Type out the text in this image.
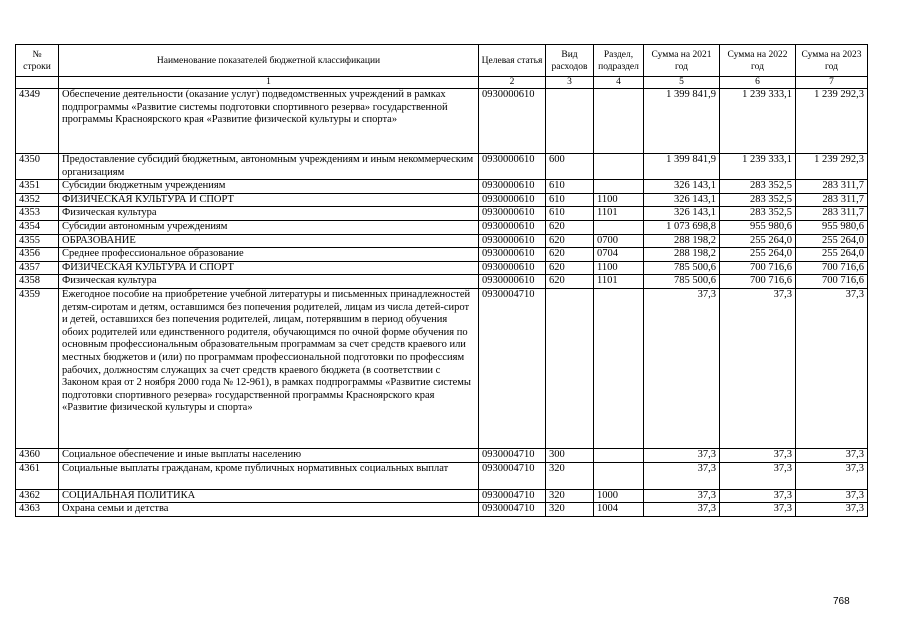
№ строки	Наименование показателей бюджетной классификации	Целевая статья	Вид расходов	Раздел, подраздел	Сумма на 2021 год	Сумма на 2022 год	Сумма на 2023 год
	1	2	3	4	5	6	7
4349	Обеспечение деятельности (оказание услуг) подведомственных учреждений в рамках подпрограммы «Развитие системы подготовки спортивного резерва» государственной программы Красноярского края «Развитие физической культуры и спорта»	0930000610			1 399 841,9	1 239 333,1	1 239 292,3
4350	Предоставление субсидий бюджетным, автономным учреждениям и иным некоммерческим организациям	0930000610	600		1 399 841,9	1 239 333,1	1 239 292,3
4351	Субсидии бюджетным учреждениям	0930000610	610		326 143,1	283 352,5	283 311,7
4352	ФИЗИЧЕСКАЯ КУЛЬТУРА И СПОРТ	0930000610	610	1100	326 143,1	283 352,5	283 311,7
4353	Физическая культура	0930000610	610	1101	326 143,1	283 352,5	283 311,7
4354	Субсидии автономным учреждениям	0930000610	620		1 073 698,8	955 980,6	955 980,6
4355	ОБРАЗОВАНИЕ	0930000610	620	0700	288 198,2	255 264,0	255 264,0
4356	Среднее профессиональное образование	0930000610	620	0704	288 198,2	255 264,0	255 264,0
4357	ФИЗИЧЕСКАЯ КУЛЬТУРА И СПОРТ	0930000610	620	1100	785 500,6	700 716,6	700 716,6
4358	Физическая культура	0930000610	620	1101	785 500,6	700 716,6	700 716,6
4359	Ежегодное пособие на приобретение учебной литературы и письменных принадлежностей детям-сиротам и детям, оставшимся без попечения родителей, лицам из числа детей-сирот и детей, оставшихся без попечения родителей, лицам, потерявшим в период обучения обоих родителей или единственного родителя, обучающимся по очной форме обучения по основным профессиональным образовательным программам за счет средств краевого или местных бюджетов и (или) по программам профессиональной подготовки по профессиям рабочих, должностям служащих за счет средств краевого бюджета (в соответствии с Законом края от 2 ноября 2000 года № 12-961), в рамках подпрограммы «Развитие системы подготовки спортивного резерва» государственной программы Красноярского края «Развитие физической культуры и спорта»	0930004710			37,3	37,3	37,3
4360	Социальное обеспечение и иные выплаты населению	0930004710	300		37,3	37,3	37,3
4361	Социальные выплаты гражданам, кроме публичных нормативных социальных выплат	0930004710	320		37,3	37,3	37,3
4362	СОЦИАЛЬНАЯ ПОЛИТИКА	0930004710	320	1000	37,3	37,3	37,3
4363	Охрана семьи и детства	0930004710	320	1004	37,3	37,3	37,3
768
